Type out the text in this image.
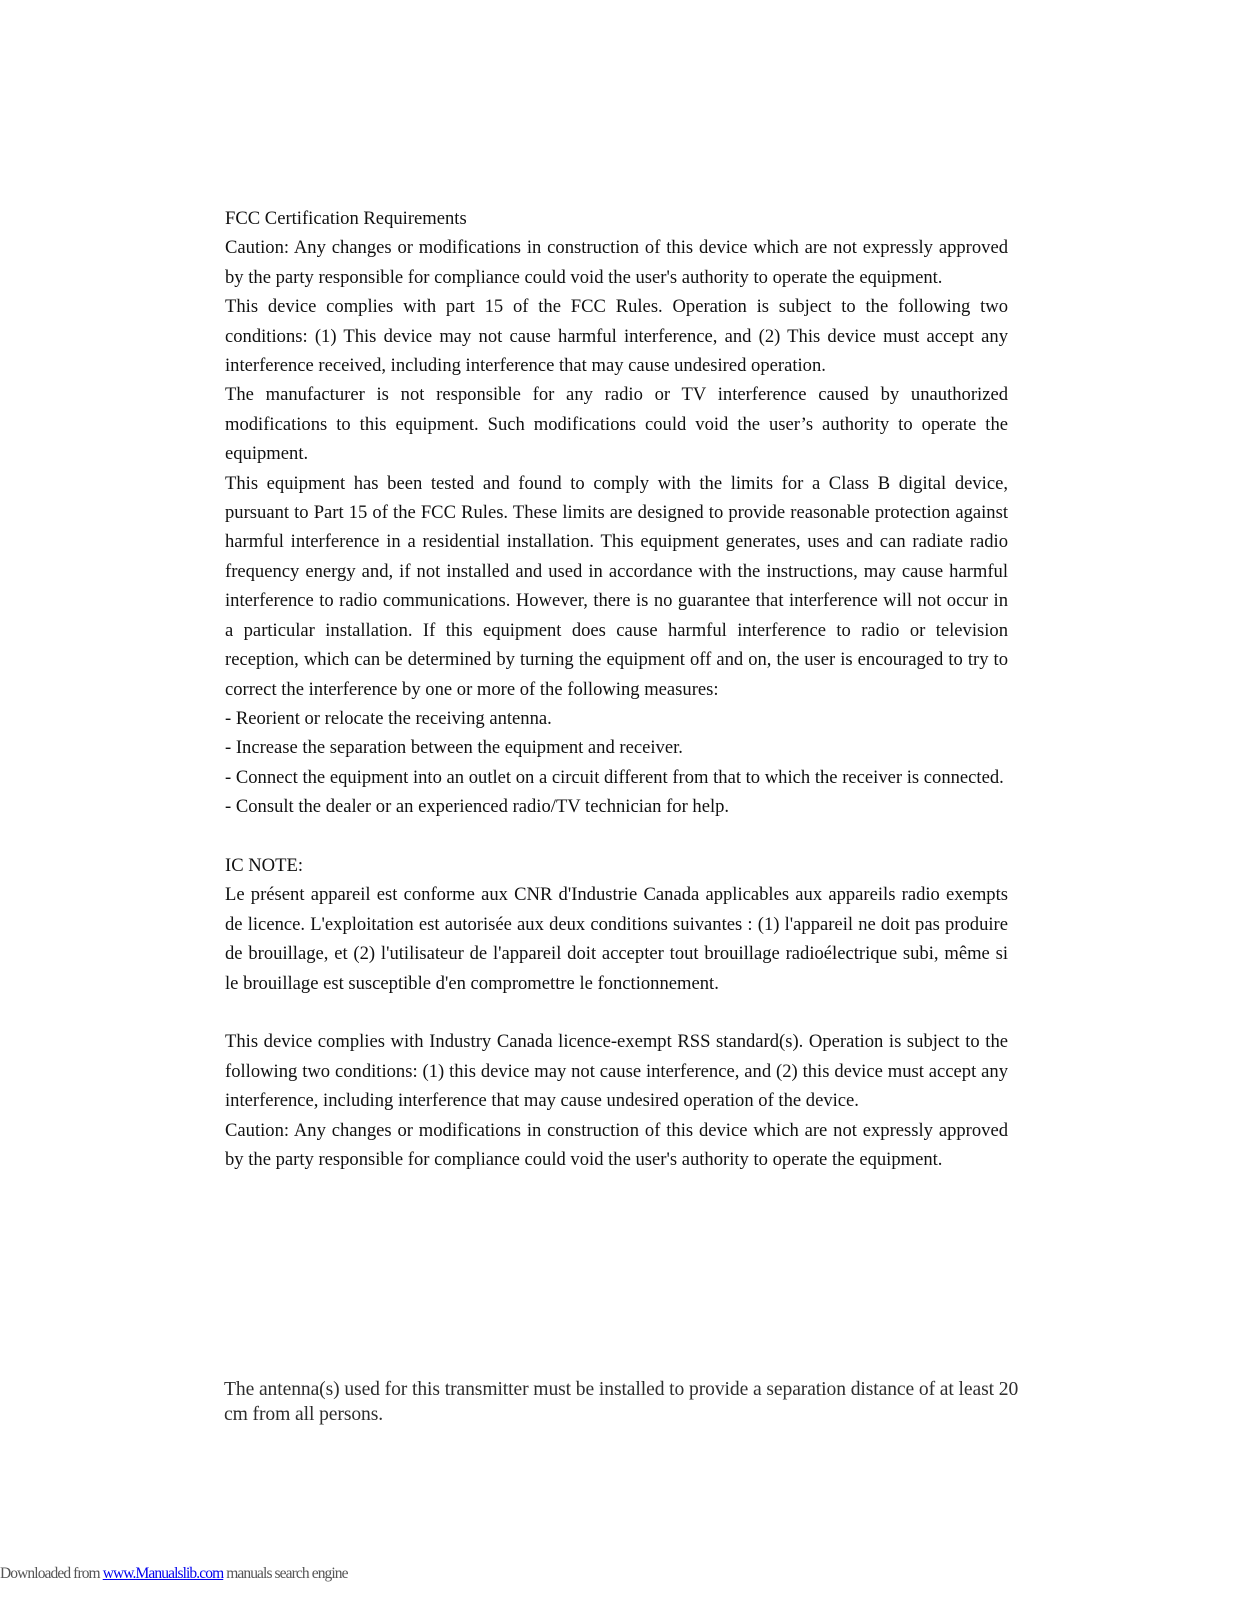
FCC Certification Requirements

Caution: Any changes or modifications in construction of this device which are not expressly approved by the party responsible for compliance could void the user's authority to operate the equipment.

This device complies with part 15 of the FCC Rules. Operation is subject to the following two conditions: (1) This device may not cause harmful interference, and (2) This device must accept any interference received, including interference that may cause undesired operation.

The manufacturer is not responsible for any radio or TV interference caused by unauthorized modifications to this equipment. Such modifications could void the user’s authority to operate the equipment.

This equipment has been tested and found to comply with the limits for a Class B digital device, pursuant to Part 15 of the FCC Rules. These limits are designed to provide reasonable protection against harmful interference in a residential installation. This equipment generates, uses and can radiate radio frequency energy and, if not installed and used in accordance with the instructions, may cause harmful interference to radio communications. However, there is no guarantee that interference will not occur in a particular installation. If this equipment does cause harmful interference to radio or television reception, which can be determined by turning the equipment off and on, the user is encouraged to try to correct the interference by one or more of the following measures:

- Reorient or relocate the receiving antenna.

- Increase the separation between the equipment and receiver.

- Connect the equipment into an outlet on a circuit different from that to which the receiver is connected.

- Consult the dealer or an experienced radio/TV technician for help.

IC NOTE:

Le présent appareil est conforme aux CNR d'Industrie Canada applicables aux appareils radio exempts de licence. L'exploitation est autorisée aux deux conditions suivantes : (1) l'appareil ne doit pas produire de brouillage, et (2) l'utilisateur de l'appareil doit accepter tout brouillage radioélectrique subi, même si le brouillage est susceptible d'en compromettre le fonctionnement.

This device complies with Industry Canada licence-exempt RSS standard(s). Operation is subject to the following two conditions: (1) this device may not cause interference, and (2) this device must accept any interference, including interference that may cause undesired operation of the device.

Caution: Any changes or modifications in construction of this device which are not expressly approved by the party responsible for compliance could void the user's authority to operate the equipment.

The antenna(s) used for this transmitter must be installed to provide a separation distance of at least 20 cm from all persons.

Downloaded from www.Manualslib.com manuals search engine
